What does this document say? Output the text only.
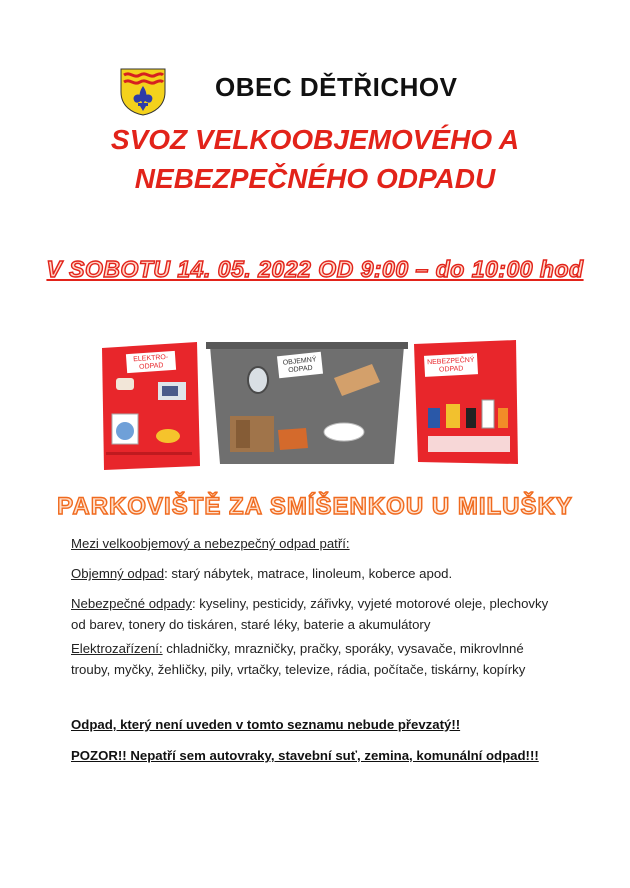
OBEC DĚTŘICHOV
SVOZ VELKOOBJEMOVÉHO A
NEBEZPEČNÉHO ODPADU
V SOBOTU 14. 05. 2022 OD 9:00 – do 10:00 hod
ELEKTRO-
ODPAD	OBJEMNÝ
ODPAD
NEBEZPEČNÝ
ODPAD
PARKOVIŠTĚ ZA SMÍŠENKOU U MILUŠKY
Mezi velkoobjemový a nebezpečný odpad patří:
Objemný odpad: starý nábytek, matrace, linoleum, koberce apod.
Nebezpečné odpady: kyseliny, pesticidy, zářivky, vyjeté motorové oleje, plechovky od barev, tonery do tiskáren, staré léky, baterie a akumulátory
Elektrozařízení: chladničky, mrazničky, pračky, sporáky, vysavače, mikrovlnné trouby, myčky, žehličky, pily, vrtačky, televize, rádia, počítače, tiskárny, kopírky
Odpad, který není uveden v tomto seznamu nebude převzatý!!
POZOR!! Nepatří sem autovraky, stavební suť, zemina, komunální odpad!!!
